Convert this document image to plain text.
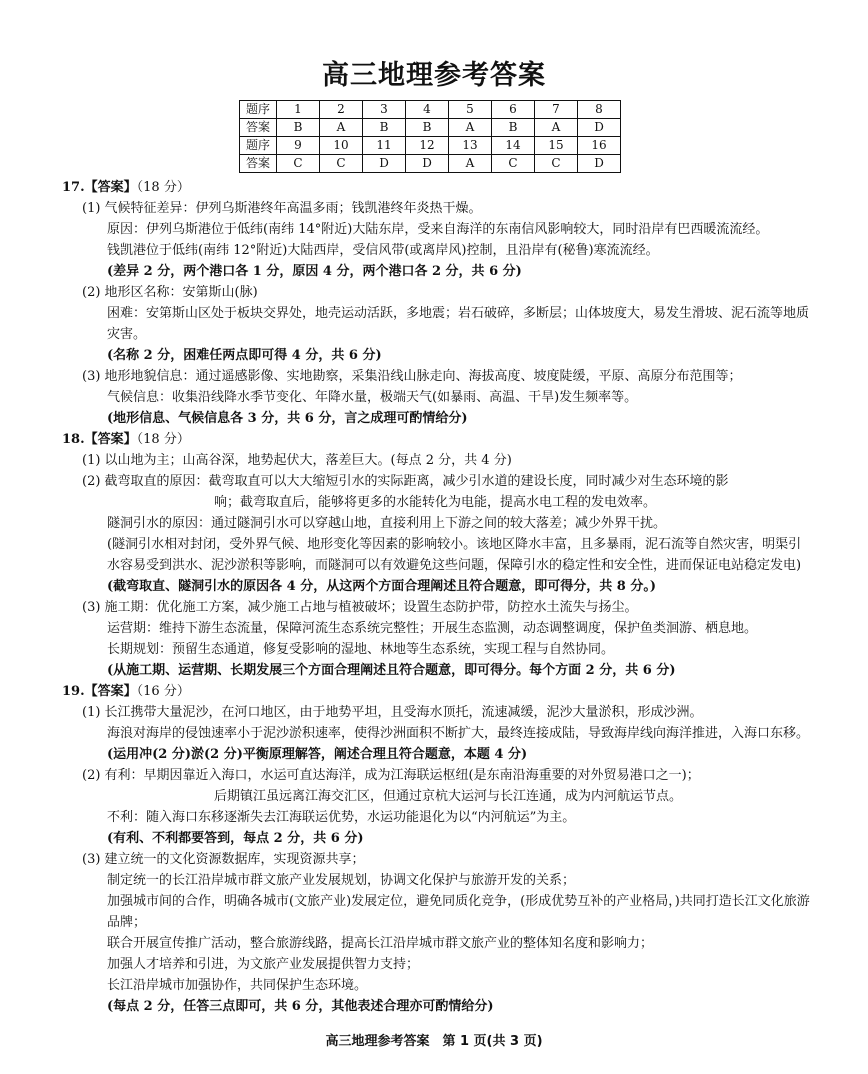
高三地理参考答案
题序	1	2	3	4	5	6	7	8
答案	B	A	B	B	A	B	A	D
题序	9	10	11	12	13	14	15	16
答案	C	C	D	D	A	C	C	D
17.【答案】（18 分）
(1) 气候特征差异：伊列乌斯港终年高温多雨；钱凯港终年炎热干燥。
原因：伊列乌斯港位于低纬(南纬 14°附近)大陆东岸，受来自海洋的东南信风影响较大，同时沿岸有巴西暖流流经。
钱凯港位于低纬(南纬 12°附近)大陆西岸，受信风带(或离岸风)控制，且沿岸有(秘鲁)寒流流经。
(差异 2 分，两个港口各 1 分，原因 4 分，两个港口各 2 分，共 6 分)
(2) 地形区名称：安第斯山(脉)
困难：安第斯山区处于板块交界处，地壳运动活跃，多地震；岩石破碎，多断层；山体坡度大，易发生滑坡、泥石流等地质灾害。
(名称 2 分，困难任两点即可得 4 分，共 6 分)
(3) 地形地貌信息：通过遥感影像、实地勘察，采集沿线山脉走向、海拔高度、坡度陡缓，平原、高原分布范围等；
气候信息：收集沿线降水季节变化、年降水量，极端天气(如暴雨、高温、干旱)发生频率等。
(地形信息、气候信息各 3 分，共 6 分，言之成理可酌情给分)
18.【答案】（18 分）
(1) 以山地为主；山高谷深，地势起伏大，落差巨大。(每点 2 分，共 4 分)
(2) 截弯取直的原因：截弯取直可以大大缩短引水的实际距离，减少引水道的建设长度，同时减少对生态环境的影
响；截弯取直后，能够将更多的水能转化为电能，提高水电工程的发电效率。
隧洞引水的原因：通过隧洞引水可以穿越山地，直接利用上下游之间的较大落差；减少外界干扰。
(隧洞引水相对封闭，受外界气候、地形变化等因素的影响较小。该地区降水丰富，且多暴雨，泥石流等自然灾害，明渠引水容易受到洪水、泥沙淤积等影响，而隧洞可以有效避免这些问题，保障引水的稳定性和安全性，进而保证电站稳定发电)
(截弯取直、隧洞引水的原因各 4 分，从这两个方面合理阐述且符合题意，即可得分，共 8 分。)
(3) 施工期：优化施工方案，减少施工占地与植被破坏；设置生态防护带，防控水土流失与扬尘。
运营期：维持下游生态流量，保障河流生态系统完整性；开展生态监测，动态调整调度，保护鱼类洄游、栖息地。
长期规划：预留生态通道，修复受影响的湿地、林地等生态系统，实现工程与自然协同。
(从施工期、运营期、长期发展三个方面合理阐述且符合题意，即可得分。每个方面 2 分，共 6 分)
19.【答案】（16 分）
(1) 长江携带大量泥沙，在河口地区，由于地势平坦，且受海水顶托，流速减缓，泥沙大量淤积，形成沙洲。
海浪对海岸的侵蚀速率小于泥沙淤积速率，使得沙洲面积不断扩大，最终连接成陆，导致海岸线向海洋推进，入海口东移。
(运用冲(2 分)淤(2 分)平衡原理解答，阐述合理且符合题意，本题 4 分)
(2) 有利：早期因靠近入海口，水运可直达海洋，成为江海联运枢纽(是东南沿海重要的对外贸易港口之一)；
后期镇江虽远离江海交汇区，但通过京杭大运河与长江连通，成为内河航运节点。
不利：随入海口东移逐渐失去江海联运优势，水运功能退化为以“内河航运”为主。
(有利、不利都要答到，每点 2 分，共 6 分)
(3) 建立统一的文化资源数据库，实现资源共享；
制定统一的长江沿岸城市群文旅产业发展规划，协调文化保护与旅游开发的关系；
加强城市间的合作，明确各城市(文旅产业)发展定位，避免同质化竞争，(形成优势互补的产业格局，)共同打造长江文化旅游品牌；
联合开展宣传推广活动，整合旅游线路，提高长江沿岸城市群文旅产业的整体知名度和影响力；
加强人才培养和引进，为文旅产业发展提供智力支持；
长江沿岸城市加强协作，共同保护生态环境。
(每点 2 分，任答三点即可，共 6 分，其他表述合理亦可酌情给分)
高三地理参考答案　第 1 页(共 3 页)
